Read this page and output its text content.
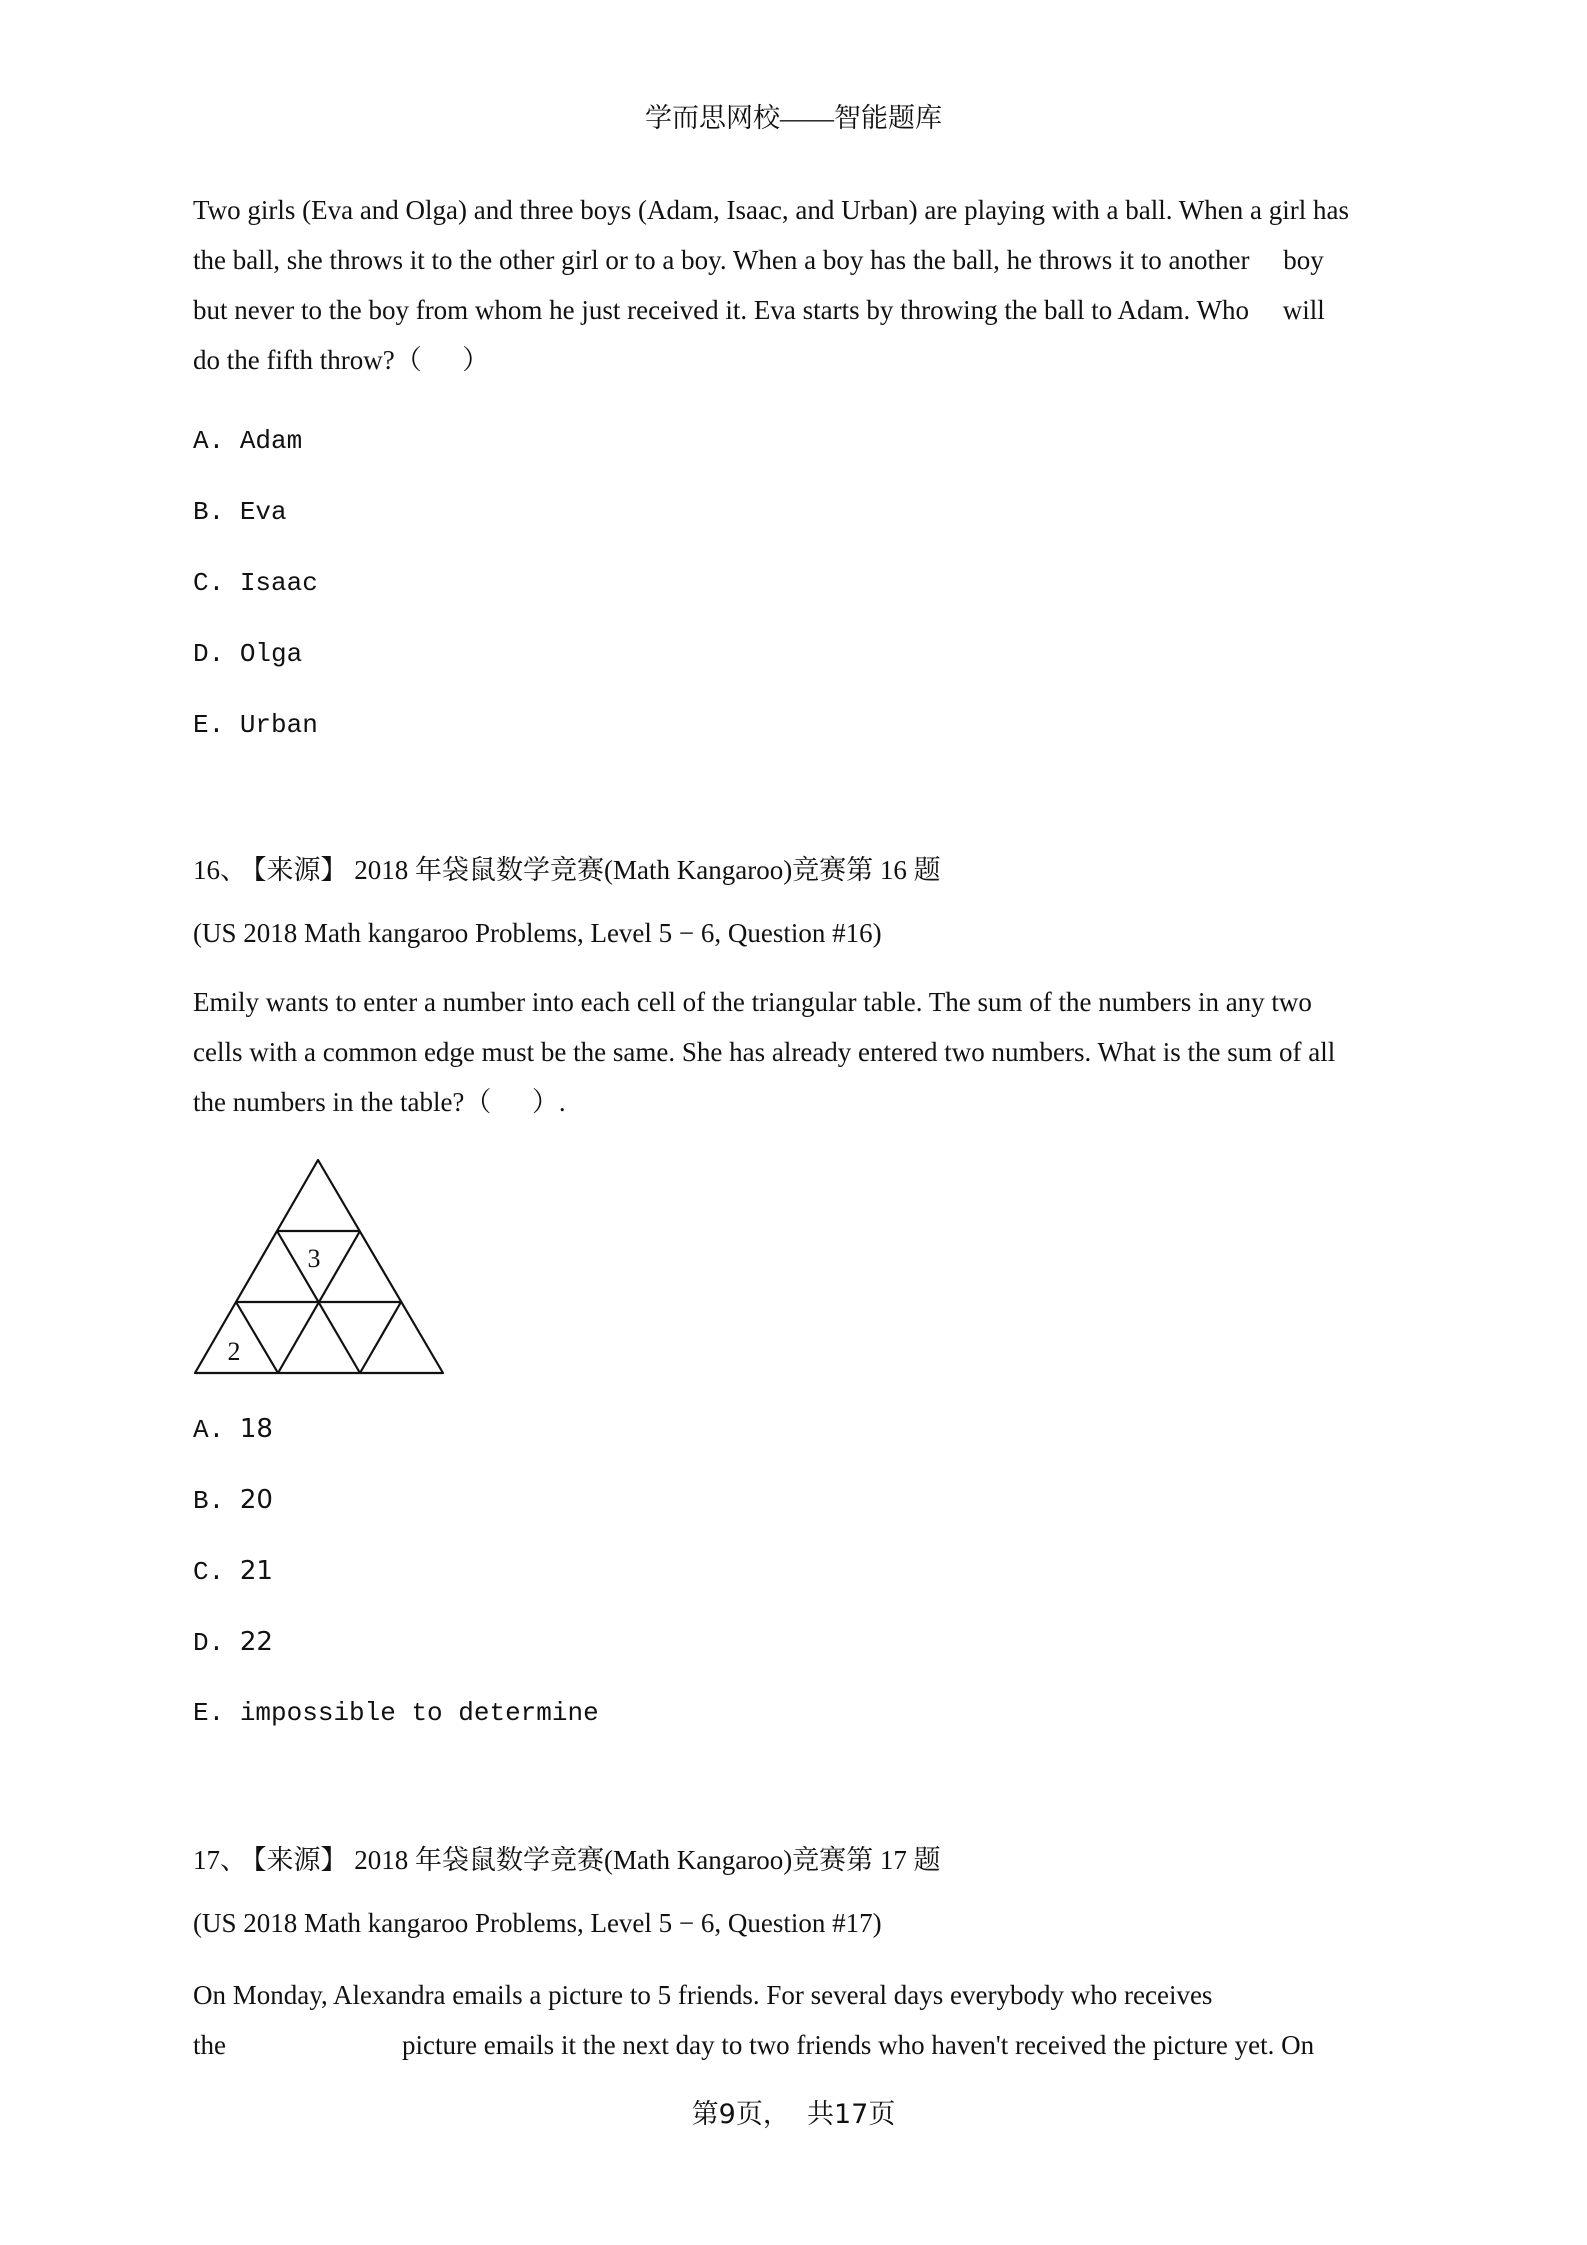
学而思网校——智能题库
Two girls (Eva and Olga) and three boys (Adam, Isaac, and Urban) are playing with a ball. When a girl has
the ball, she throws it to the other girl or to a boy. When a boy has the ball, he throws it to another     boy
but never to the boy from whom he just received it. Eva starts by throwing the ball to Adam. Who     will
do the fifth throw?（      ）
A. Adam
B. Eva
C. Isaac
D. Olga
E. Urban
16、 【来源】 2018 年袋鼠数学竞赛(Math Kangaroo)竞赛第 16 题
(US 2018 Math kangaroo Problems, Level 5 − 6, Question #16)
Emily wants to enter a number into each cell of the triangular table. The sum of the numbers in any two
cells with a common edge must be the same. She has already entered two numbers. What is the sum of all
the numbers in the table?（      ）.
3
2
A. 18
B. 20
C. 21
D. 22
E. impossible to determine
17、 【来源】 2018 年袋鼠数学竞赛(Math Kangaroo)竞赛第 17 题
(US 2018 Math kangaroo Problems, Level 5 − 6, Question #17)
On Monday, Alexandra emails a picture to 5 friends. For several days everybody who receives
the	picture emails it the next day to two friends who haven't received the picture yet. On
第9页，  共17页
